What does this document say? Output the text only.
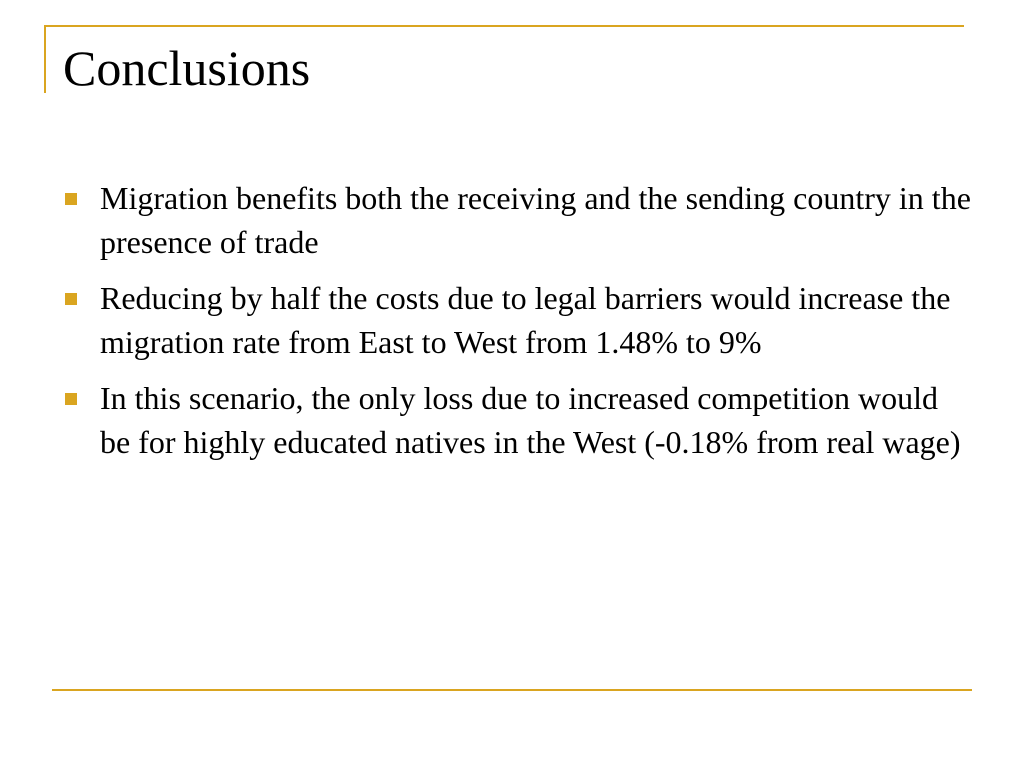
Conclusions
Migration benefits both the receiving and the sending country in the presence of trade
Reducing by half the costs due to legal barriers would increase the migration rate from East to West from 1.48% to 9%
In this scenario, the only loss due to increased competition would be for highly educated natives in the West (-0.18% from real wage)
